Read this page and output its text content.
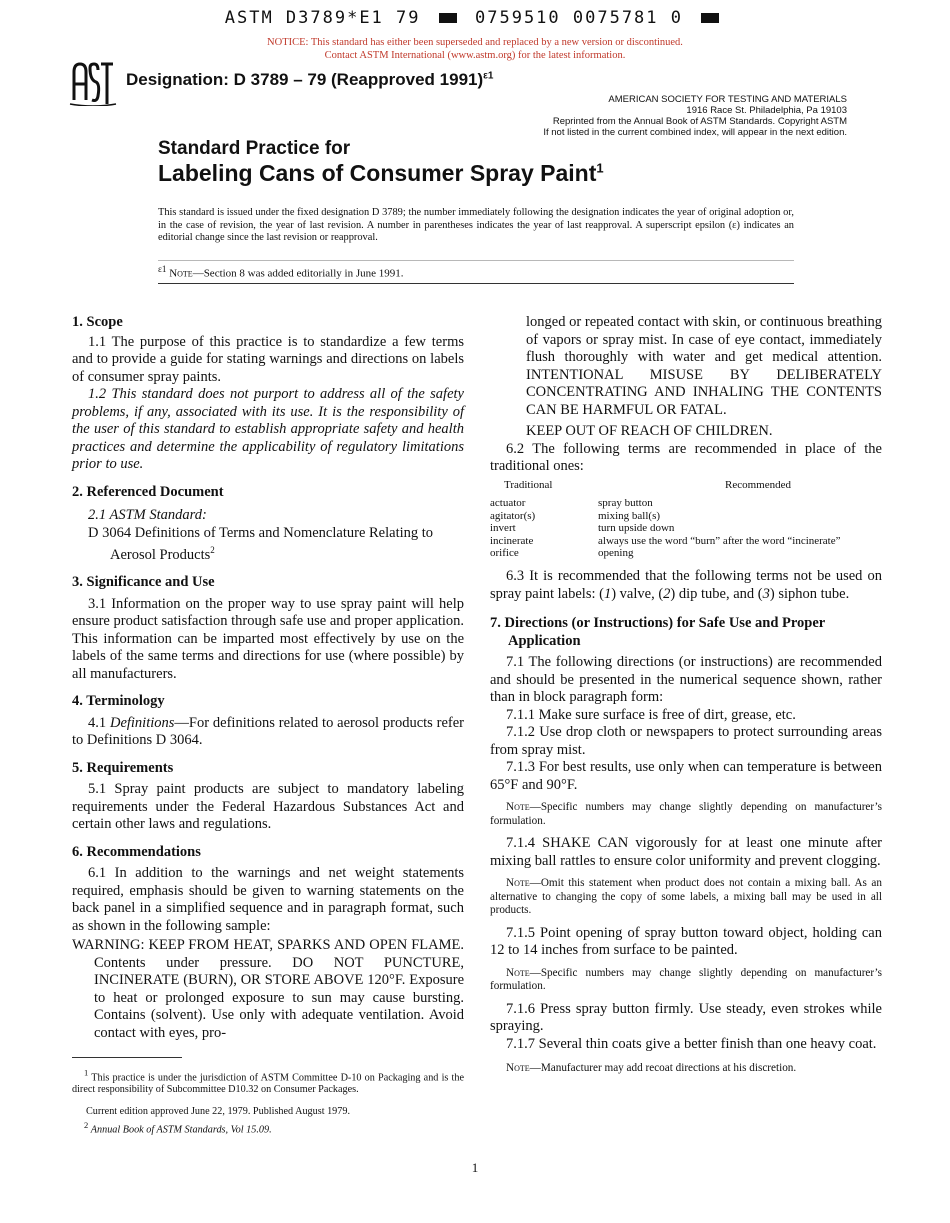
ASTM D3789*E1 79	0759510 0075781 0
NOTICE: This standard has either been superseded and replaced by a new version or discontinued.
Contact ASTM International (www.astm.org) for the latest information.
Designation: D 3789 – 79 (Reapproved 1991)$^{\varepsilon 1}$
AMERICAN SOCIETY FOR TESTING AND MATERIALS
1916 Race St. Philadelphia, Pa 19103
Reprinted from the Annual Book of ASTM Standards. Copyright ASTM
If not listed in the current combined index, will appear in the next edition.
Standard Practice for
Labeling Cans of Consumer Spray Paint$^1$
This standard is issued under the fixed designation D 3789; the number immediately following the designation indicates the year of original adoption or, in the case of revision, the year of last revision. A number in parentheses indicates the year of last reapproval. A superscript epsilon (ε) indicates an editorial change since the last revision or reapproval.
$^{\varepsilon 1}$ Note—Section 8 was added editorially in June 1991.

1. Scope

1.1 The purpose of this practice is to standardize a few terms and to provide a guide for stating warnings and directions on labels of consumer spray paints.

1.2 This standard does not purport to address all of the safety problems, if any, associated with its use. It is the responsibility of the user of this standard to establish appropriate safety and health practices and determine the applicability of regulatory limitations prior to use.

2. Referenced Document

2.1 ASTM Standard:

D 3064 Definitions of Terms and Nomenclature Relating to Aerosol Products$^2$

3. Significance and Use

3.1 Information on the proper way to use spray paint will help ensure product satisfaction through safe use and proper application. This information can be imparted most effectively by use on the labels of the same terms and directions for use (where possible) by all manufacturers.

4. Terminology

4.1 Definitions—For definitions related to aerosol products refer to Definitions D 3064.

5. Requirements

5.1 Spray paint products are subject to mandatory labeling requirements under the Federal Hazardous Substances Act and certain other laws and regulations.

6. Recommendations

6.1 In addition to the warnings and net weight statements required, emphasis should be given to warning statements on the back panel in a simplified sequence and in paragraph format, such as shown in the following sample:

WARNING: KEEP FROM HEAT, SPARKS AND OPEN FLAME. Contents under pressure. DO NOT PUNCTURE, INCINERATE (BURN), OR STORE ABOVE 120°F. Exposure to heat or prolonged exposure to sun may cause bursting. Contains (solvent). Use only with adequate ventilation. Avoid contact with eyes, pro-

$^1$ This practice is under the jurisdiction of ASTM Committee D-10 on Packaging and is the direct responsibility of Subcommittee D10.32 on Consumer Packages.
Current edition approved June 22, 1979. Published August 1979.
$^2$ Annual Book of ASTM Standards, Vol 15.09.

longed or repeated contact with skin, or continuous breathing of vapors or spray mist. In case of eye contact, immediately flush thoroughly with water and get medical attention. INTENTIONAL MISUSE BY DELIBERATELY CONCENTRATING AND INHALING THE CONTENTS CAN BE HARMFUL OR FATAL.

KEEP OUT OF REACH OF CHILDREN.

6.2 The following terms are recommended in place of the traditional ones:

Traditional	Recommended
actuator	spray button
agitator(s)	mixing ball(s)
invert	turn upside down
incinerate	always use the word “burn” after the word “incinerate”
orifice	opening

6.3 It is recommended that the following terms not be used on spray paint labels: (1) valve, (2) dip tube, and (3) siphon tube.

7. Directions (or Instructions) for Safe Use and Proper Application

7.1 The following directions (or instructions) are recommended and should be presented in the numerical sequence shown, rather than in block paragraph form:

7.1.1 Make sure surface is free of dirt, grease, etc.

7.1.2 Use drop cloth or newspapers to protect surrounding areas from spray mist.

7.1.3 For best results, use only when can temperature is between 65°F and 90°F.

Note—Specific numbers may change slightly depending on manufacturer’s formulation.

7.1.4 SHAKE CAN vigorously for at least one minute after mixing ball rattles to ensure color uniformity and prevent clogging.

Note—Omit this statement when product does not contain a mixing ball. As an alternative to changing the copy of some labels, a mixing ball may be used in all products.

7.1.5 Point opening of spray button toward object, holding can 12 to 14 inches from surface to be painted.

Note—Specific numbers may change slightly depending on manufacturer’s formulation.

7.1.6 Press spray button firmly. Use steady, even strokes while spraying.

7.1.7 Several thin coats give a better finish than one heavy coat.

Note—Manufacturer may add recoat directions at his discretion.

1
